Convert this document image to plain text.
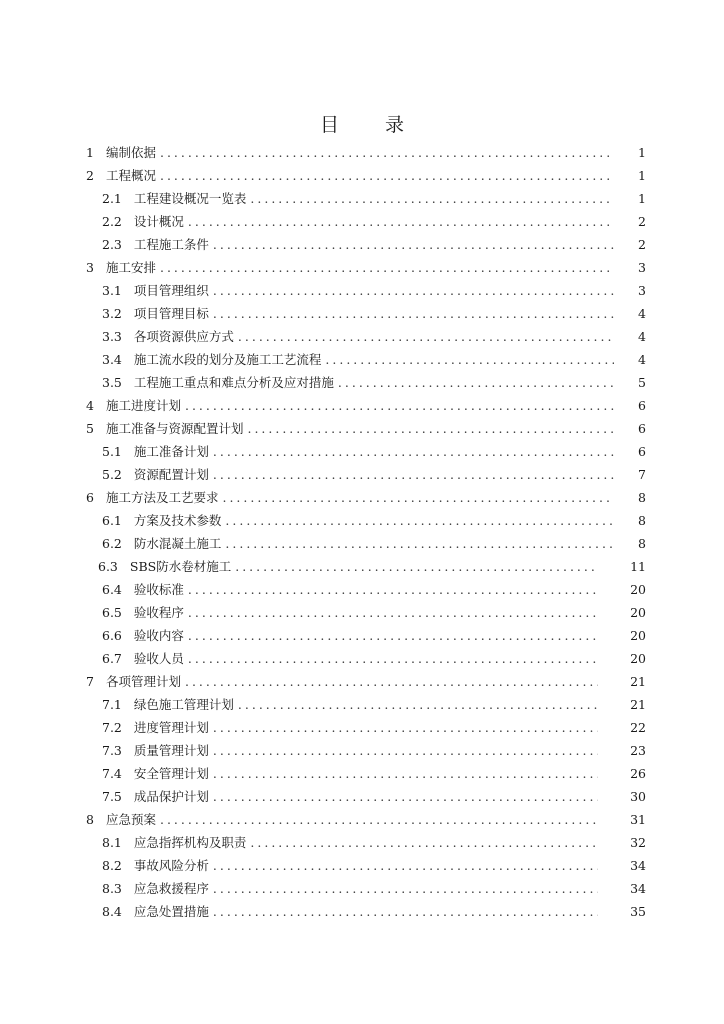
目 录
1 编制依据 .....	1
2 工程概况 .....	1
2.1 工程建设概况一览表 .....	1
2.2 设计概况 .....	2
2.3 工程施工条件 .....	2
3 施工安排 .....	3
3.1 项目管理组织 .....	3
3.2 项目管理目标 .....	4
3.3 各项资源供应方式 .....	4
3.4 施工流水段的划分及施工工艺流程 .....	4
3.5 工程施工重点和难点分析及应对措施 .....	5
4 施工进度计划 .....	6
5 施工准备与资源配置计划 .....	6
5.1 施工准备计划 .....	6
5.2 资源配置计划 .....	7
6 施工方法及工艺要求 .....	8
6.1 方案及技术参数 .....	8
6.2 防水混凝土施工 .....	8
6.3 SBS防水卷材施工 .....	11
6.4 验收标准 .....	20
6.5 验收程序 .....	20
6.6 验收内容 .....	20
6.7 验收人员 .....	20
7 各项管理计划 .....	21
7.1 绿色施工管理计划 .....	21
7.2 进度管理计划 .....	22
7.3 质量管理计划 .....	23
7.4 安全管理计划 .....	26
7.5 成品保护计划 .....	30
8 应急预案 .....	31
8.1 应急指挥机构及职责 .....	32
8.2 事故风险分析 .....	34
8.3 应急救援程序 .....	34
8.4 应急处置措施 .....	35
